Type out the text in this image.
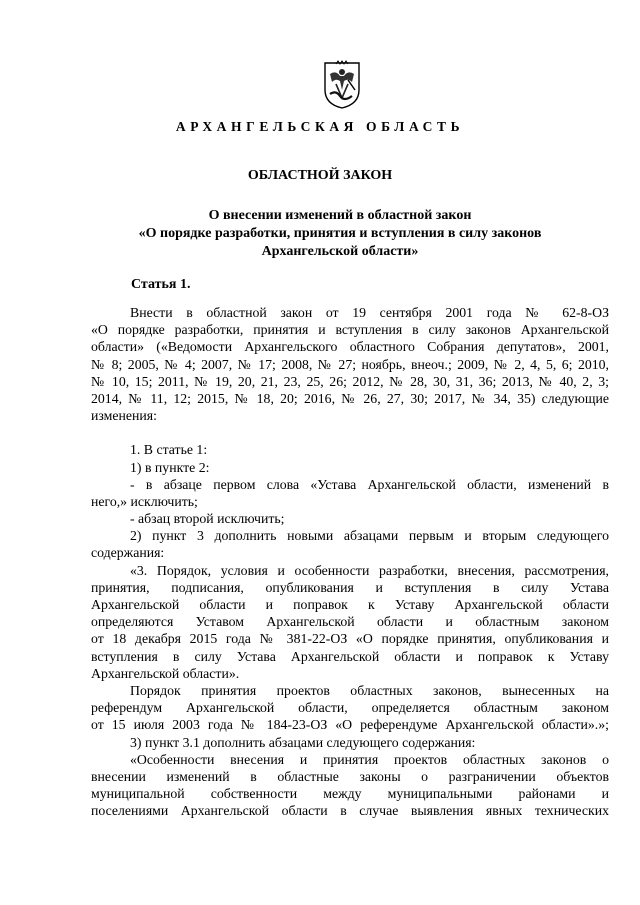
АРХАНГЕЛЬСКАЯ ОБЛАСТЬ
ОБЛАСТНОЙ ЗАКОН
О внесении изменений в областной закон
«О порядке разработки, принятия и вступления в силу законов
Архангельской области»
Статья 1.
Внести в областной закон от 19 сентября 2001 года № 62-8-ОЗ
«О порядке разработки, принятия и вступления в силу законов Архангельской
области» («Ведомости Архангельского областного Собрания депутатов», 2001,
№ 8; 2005, № 4; 2007, № 17; 2008, № 27; ноябрь, внеоч.; 2009, № 2, 4, 5, 6; 2010,
№ 10, 15; 2011, № 19, 20, 21, 23, 25, 26; 2012, № 28, 30, 31, 36; 2013, № 40, 2, 3;
2014, № 11, 12; 2015, № 18, 20; 2016, № 26, 27, 30; 2017, № 34, 35) следующие
изменения:
1. В статье 1:
1) в пункте 2:
- в абзаце первом слова «Устава Архангельской области, изменений в
него,» исключить;
- абзац второй исключить;
2) пункт 3 дополнить новыми абзацами первым и вторым следующего
содержания:
«3. Порядок, условия и особенности разработки, внесения, рассмотрения,
принятия, подписания, опубликования и вступления в силу Устава
Архангельской области и поправок к Уставу Архангельской области
определяются Уставом Архангельской области и областным законом
от 18 декабря 2015 года № 381-22-ОЗ «О порядке принятия, опубликования и
вступления в силу Устава Архангельской области и поправок к Уставу
Архангельской области».
Порядок принятия проектов областных законов, вынесенных на
референдум Архангельской области, определяется областным законом
от 15 июля 2003 года № 184-23-ОЗ «О референдуме Архангельской области».»;
3) пункт 3.1 дополнить абзацами следующего содержания:
«Особенности внесения и принятия проектов областных законов о
внесении изменений в областные законы о разграничении объектов
муниципальной собственности между муниципальными районами и
поселениями Архангельской области в случае выявления явных технических
